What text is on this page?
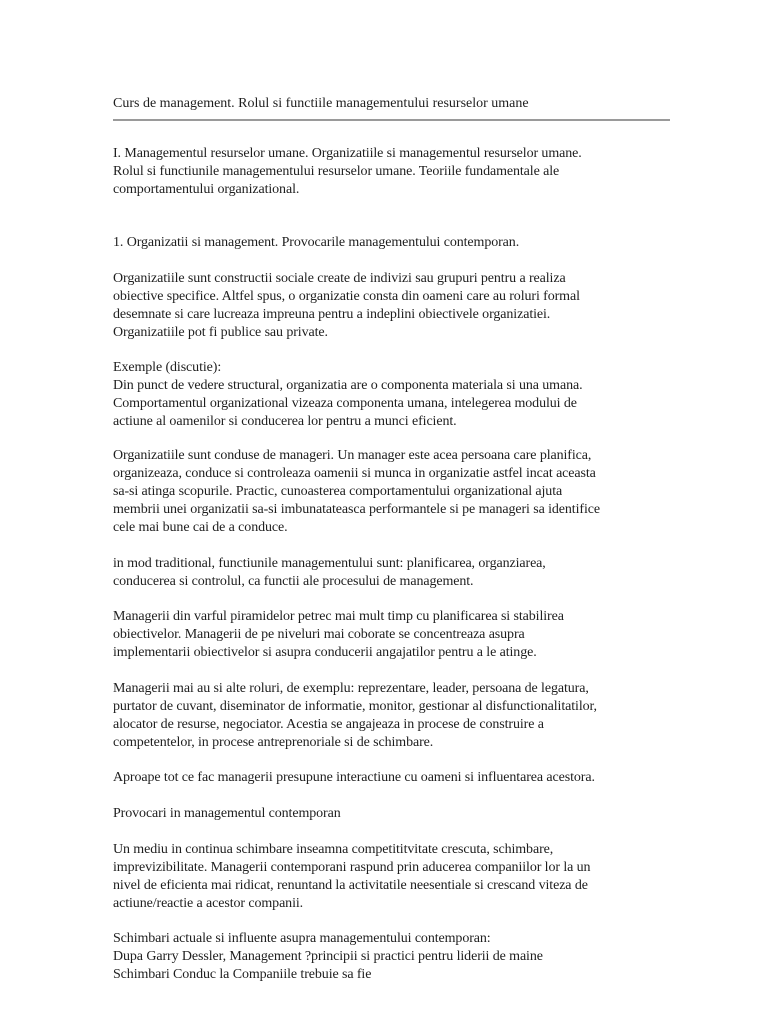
Curs de management. Rolul si functiile managementului resurselor umane
I. Managementul resurselor umane. Organizatiile si managementul resurselor umane.
Rolul si functiunile managementului resurselor umane. Teoriile fundamentale ale
comportamentului organizational.
1. Organizatii si management. Provocarile managementului contemporan.
Organizatiile sunt constructii sociale create de indivizi sau grupuri pentru a realiza
obiective specifice. Altfel spus, o organizatie consta din oameni care au roluri formal
desemnate si care lucreaza impreuna pentru a indeplini obiectivele organizatiei.
Organizatiile pot fi publice sau private.
Exemple (discutie):
Din punct de vedere structural, organizatia are o componenta materiala si una umana.
Comportamentul organizational vizeaza componenta umana, intelegerea modului de
actiune al oamenilor si conducerea lor pentru a munci eficient.
Organizatiile sunt conduse de manageri. Un manager este acea persoana care planifica,
organizeaza, conduce si controleaza oamenii si munca in organizatie astfel incat aceasta
sa-si atinga scopurile. Practic, cunoasterea comportamentului organizational ajuta
membrii unei organizatii sa-si imbunatateasca performantele si pe manageri sa identifice
cele mai bune cai de a conduce.
in mod traditional, functiunile managementului sunt: planificarea, organziarea,
conducerea si controlul, ca functii ale procesului de management.
Managerii din varful piramidelor petrec mai mult timp cu planificarea si stabilirea
obiectivelor. Managerii de pe niveluri mai coborate se concentreaza asupra
implementarii obiectivelor si asupra conducerii angajatilor pentru a le atinge.
Managerii mai au si alte roluri, de exemplu: reprezentare, leader, persoana de legatura,
purtator de cuvant, diseminator de informatie, monitor, gestionar al disfunctionalitatilor,
alocator de resurse, negociator. Acestia se angajeaza in procese de construire a
competentelor, in procese antreprenoriale si de schimbare.
Aproape tot ce fac managerii presupune interactiune cu oameni si influentarea acestora.
Provocari in managementul contemporan
Un mediu in continua schimbare inseamna competititvitate crescuta, schimbare,
imprevizibilitate. Managerii contemporani raspund prin aducerea companiilor lor la un
nivel de eficienta mai ridicat, renuntand la activitatile neesentiale si crescand viteza de
actiune/reactie a acestor companii.
Schimbari actuale si influente asupra managementului contemporan:
Dupa Garry Dessler, Management ?principii si practici pentru liderii de maine
Schimbari Conduc la Companiile trebuie sa fie
